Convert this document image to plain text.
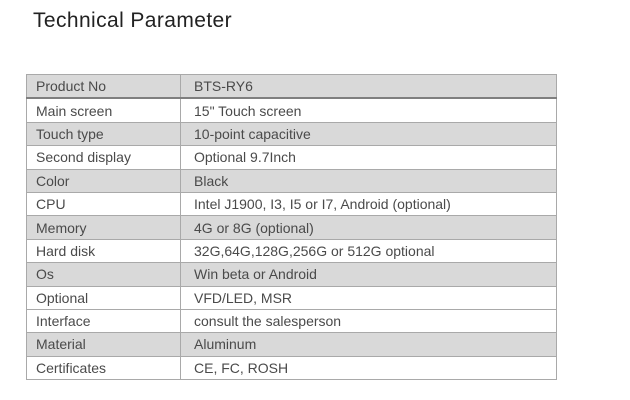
Technical Parameter
Product No	BTS-RY6
Main screen	15" Touch screen
Touch type	10-point capacitive
Second display	Optional 9.7Inch
Color	Black
CPU	Intel J1900, I3, I5 or I7, Android (optional)
Memory	4G or 8G (optional)
Hard disk	32G,64G,128G,256G or 512G optional
Os	Win beta or Android
Optional	VFD/LED, MSR
Interface	consult the salesperson
Material	Aluminum
Certificates	CE, FC, ROSH
